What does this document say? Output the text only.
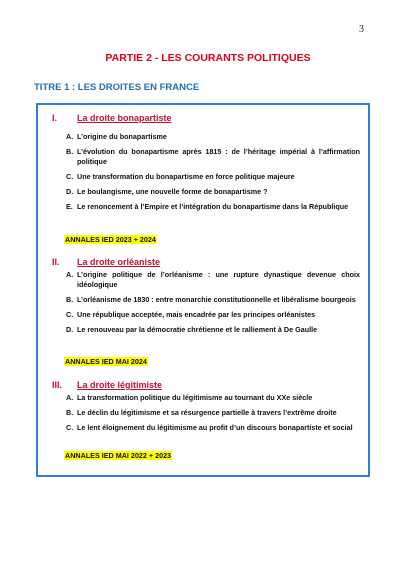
3
PARTIE 2 - LES COURANTS POLITIQUES
TITRE 1 : LES DROITES EN FRANCE
I. La droite bonapartiste
A. L’origine du bonapartisme
B. L’évolution du bonapartisme après 1815 : de l’héritage impérial à l’affirmation politique
C. Une transformation du bonapartisme en force politique majeure
D. Le boulangisme, une nouvelle forme de bonapartisme ?
E. Le renoncement à l’Empire et l’intégration du bonapartisme dans la République
ANNALES IED 2023 + 2024
II. La droite orléaniste
A. L’origine politique de l’orléanisme : une rupture dynastique devenue choix idéologique
B. L’orléanisme de 1830 : entre monarchie constitutionnelle et libéralisme bourgeois
C. Une république acceptée, mais encadrée par les principes orléanistes
D. Le renouveau par la démocratie chrétienne et le ralliement à De Gaulle
ANNALES IED MAI 2024
III. La droite légitimiste
A. La transformation politique du légitimisme au tournant du XXe siècle
B. Le déclin du légitimisme et sa résurgence partielle à travers l’extrême droite
C. Le lent éloignement du légitimisme au profit d’un discours bonapartiste et social
ANNALES IED MAI 2022 + 2023
